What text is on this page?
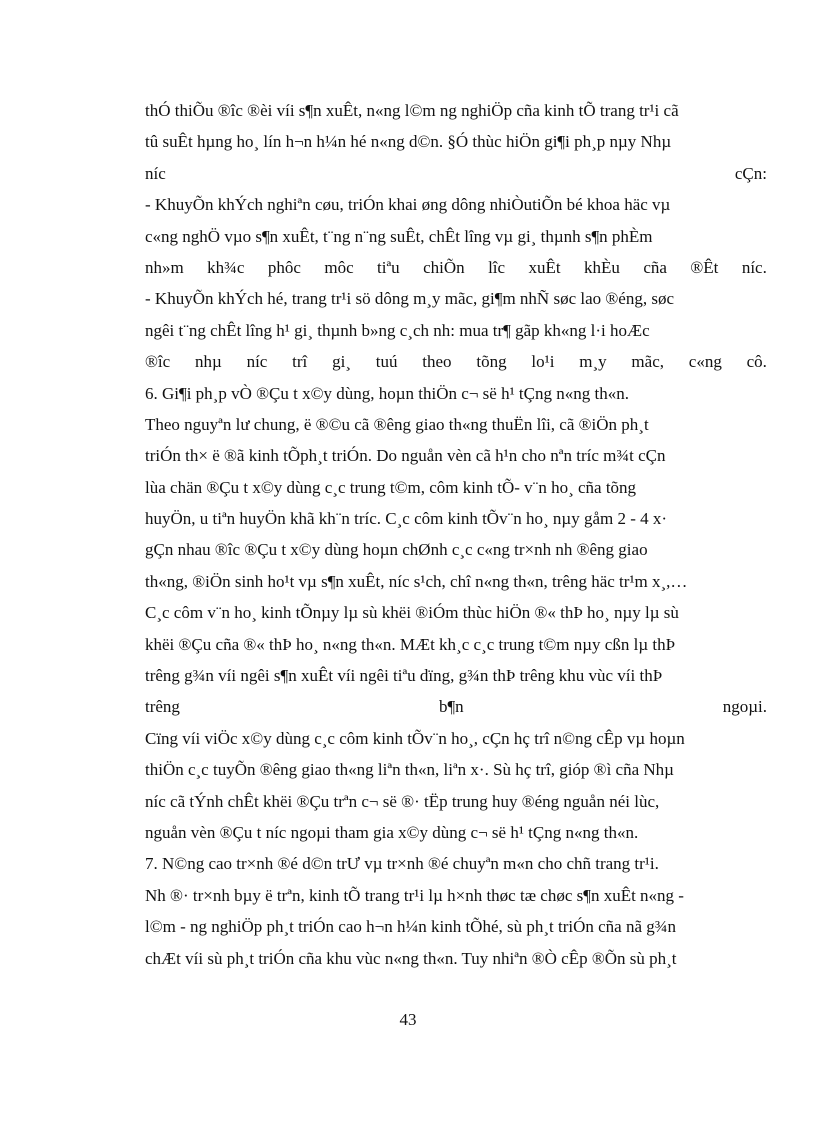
thÓ thiÕu ®îc ®èi víi s¶n xuÊt, n«ng l©m ng nghiÖp cña kinh tÕ trang tr¹i cã
tû suÊt hµng ho¸ lín h¬n h¼n hé n«ng d©n. §Ó thùc hiÖn gi¶i ph¸p nµy Nhµ
níc	cÇn:
- KhuyÕn khÝch nghiªn cøu, triÓn khai øng dông nhiÒutiÕn bé khoa häc vµ
c«ng nghÖ vµo s¶n xuÊt, t¨ng n¨ng suÊt, chÊt lîng vµ gi¸ thµnh s¶n phÈm
nh»m kh¾c phôc môc tiªu chiÕn lîc xuÊt khÈu cña ®Êt níc.
- KhuyÕn khÝch hé, trang tr¹i sö dông m¸y mãc, gi¶m nhÑ søc lao ®éng, søc
ngêi t¨ng chÊt lîng h¹ gi¸ thµnh b»ng c¸ch nh: mua tr¶ gãp kh«ng l·i hoÆc
®îc nhµ níc trî gi¸ tuú theo tõng lo¹i m¸y mãc, c«ng cô.
6. Gi¶i ph¸p vÒ ®Çu t x©y dùng, hoµn thiÖn c¬ së h¹ tÇng n«ng th«n.
Theo nguyªn lư chung, ë ®©u cã ®êng giao th«ng thuËn lîi, cã ®iÖn ph¸t
triÓn th× ë ®ã kinh tÕph¸t triÓn. Do nguån vèn cã h¹n cho nªn tríc m¾t cÇn
lùa chän ®Çu t x©y dùng c¸c trung t©m, côm kinh tÕ- v¨n ho¸ cña tõng
huyÖn, u tiªn huyÖn khã kh¨n tríc. C¸c côm kinh tÕv¨n ho¸ nµy gåm 2 - 4 x·
gÇn nhau ®îc ®Çu t x©y dùng hoµn chØnh c¸c c«ng tr×nh nh ®êng giao
th«ng, ®iÖn sinh ho¹t vµ s¶n xuÊt, níc s¹ch, chî n«ng th«n, trêng häc tr¹m x¸,…
C¸c côm v¨n ho¸ kinh tÕnµy lµ sù khëi ®iÓm thùc hiÖn ®« thÞ ho¸ nµy lµ sù
khëi ®Çu cña ®« thÞ ho¸ n«ng th«n. MÆt kh¸c c¸c trung t©m nµy cßn lµ thÞ
trêng g¾n víi ngêi s¶n xuÊt víi ngêi tiªu dïng, g¾n thÞ trêng khu vùc víi thÞ
trêng	b¶n	ngoµi.
Cïng víi viÖc x©y dùng c¸c côm kinh tÕv¨n ho¸, cÇn hç trî n©ng cÊp vµ hoµn
thiÖn c¸c tuyÕn ®êng giao th«ng liªn th«n, liªn x·. Sù hç trî, gióp ®ì cña Nhµ
níc cã tÝnh chÊt khëi ®Çu trªn c¬ së ®· tËp trung huy ®éng nguån néi lùc,
nguån vèn ®Çu t níc ngoµi tham gia x©y dùng c¬ së h¹ tÇng n«ng th«n.
7. N©ng cao tr×nh ®é d©n trƯ vµ tr×nh ®é chuyªn m«n cho chñ trang tr¹i.
Nh ®· tr×nh bµy ë trªn, kinh tÕ trang tr¹i lµ h×nh thøc tæ chøc s¶n xuÊt n«ng -
l©m - ng nghiÖp ph¸t triÓn cao h¬n h¼n kinh tÕhé, sù ph¸t triÓn cña nã g¾n
chÆt víi sù ph¸t triÓn cña khu vùc n«ng th«n. Tuy nhiªn ®Ò cÊp ®Õn sù ph¸t
43
